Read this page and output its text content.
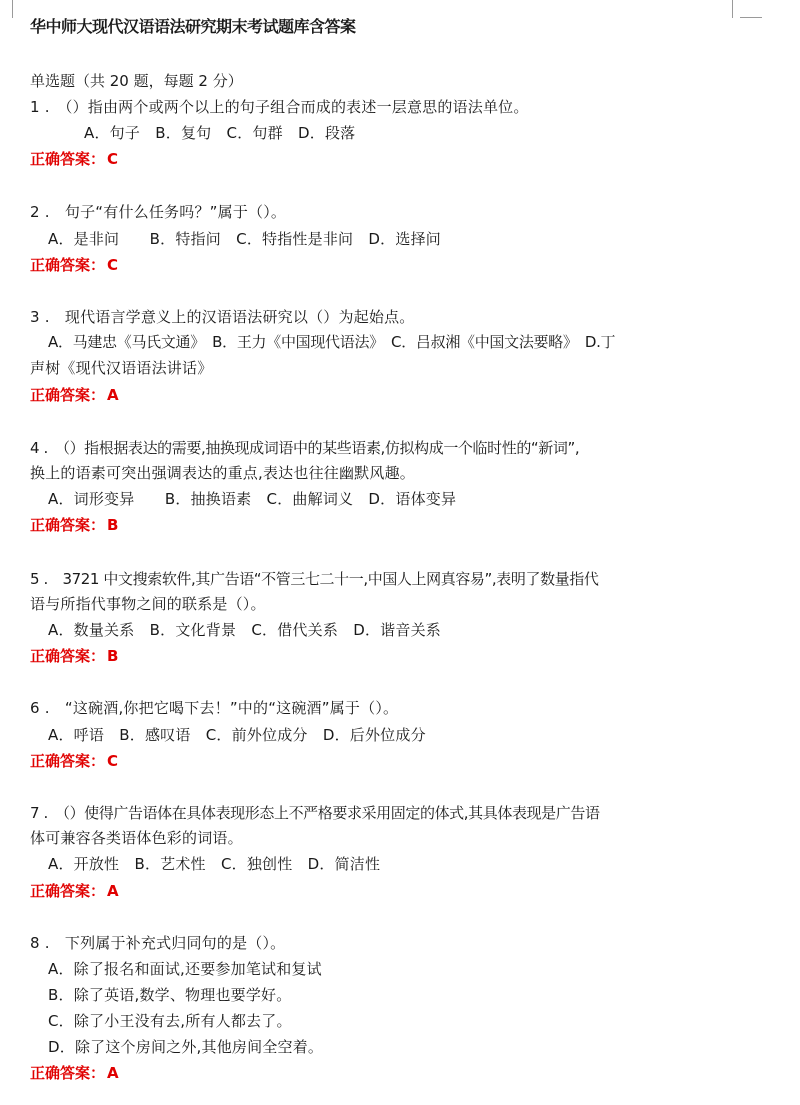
华中师大现代汉语语法研究期末考试题库含答案
单选题（共 20 题，每题 2 分）
1 .　（）指由两个或两个以上的句子组合而成的表述一层意思的语法单位。
A．句子　B．复句　C．句群　D．段落
正确答案： C
2 .　句子“有什么任务吗？”属于（）。
A．是非问　　B．特指问　C．特指性是非问　D．选择问
正确答案： C
3 .　现代语言学意义上的汉语语法研究以（）为起始点。
A．马建忠《马氏文通》　B．王力《中国现代语法》　C．吕叔湘《中国文法要略》　D.丁
声树《现代汉语语法讲话》
正确答案： A
4 .　（）指根据表达的需要,抽换现成词语中的某些语素,仿拟构成一个临时性的“新词”,
换上的语素可突出强调表达的重点,表达也往往幽默风趣。
A．词形变异　　B．抽换语素　C．曲解词义　D．语体变异
正确答案： B
5 .　3721 中文搜索软件,其广告语“不管三七二十一,中国人上网真容易”,表明了数量指代
语与所指代事物之间的联系是（）。
A．数量关系　B．文化背景　C．借代关系　D．谐音关系
正确答案： B
6 .　“这碗酒,你把它喝下去！”中的“这碗酒”属于（）。
A．呼语　B．感叹语　C．前外位成分　D．后外位成分
正确答案： C
7 .　（）使得广告语体在具体表现形态上不严格要求采用固定的体式,其具体表现是广告语
体可兼容各类语体色彩的词语。
A．开放性　B．艺术性　C．独创性　D．简洁性
正确答案： A
8 .　下列属于补充式归同句的是（）。
A．除了报名和面试,还要参加笔试和复试
B．除了英语,数学、物理也要学好。
C．除了小王没有去,所有人都去了。
D．除了这个房间之外,其他房间全空着。
正确答案： A
